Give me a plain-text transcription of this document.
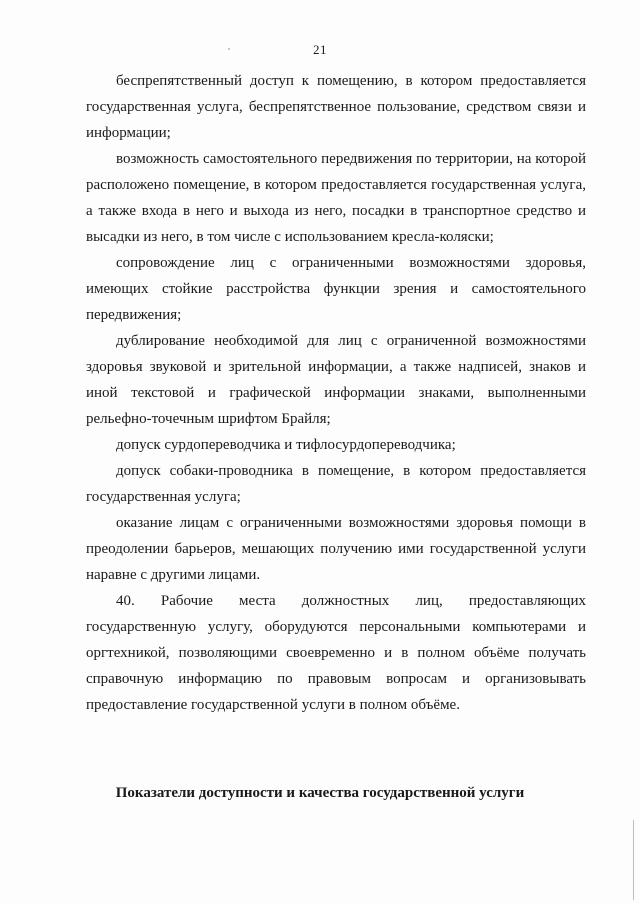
21

беспрепятственный доступ к помещению, в котором предоставляется государственная услуга, беспрепятственное пользование, средством связи и информации;

возможность самостоятельного передвижения по территории, на которой расположено помещение, в котором предоставляется государственная услуга, а также входа в него и выхода из него, посадки в транспортное средство и высадки из него, в том числе с использованием кресла-коляски;

сопровождение лиц с ограниченными возможностями здоровья, имеющих стойкие расстройства функции зрения и самостоятельного передвижения;

дублирование необходимой для лиц с ограниченной возможностями здоровья звуковой и зрительной информации, а также надписей, знаков и иной текстовой и графической информации знаками, выполненными рельефно-точечным шрифтом Брайля;

допуск сурдопереводчика и тифлосурдопереводчика;

допуск собаки-проводника в помещение, в котором предоставляется государственная услуга;

оказание лицам с ограниченными возможностями здоровья помощи в преодолении барьеров, мешающих получению ими государственной услуги наравне с другими лицами.

40. Рабочие места должностных лиц, предоставляющих государственную услугу, оборудуются персональными компьютерами и оргтехникой, позволяющими своевременно и в полном объёме получать справочную информацию по правовым вопросам и организовывать предоставление государственной услуги в полном объёме.

Показатели доступности и качества государственной услуги
